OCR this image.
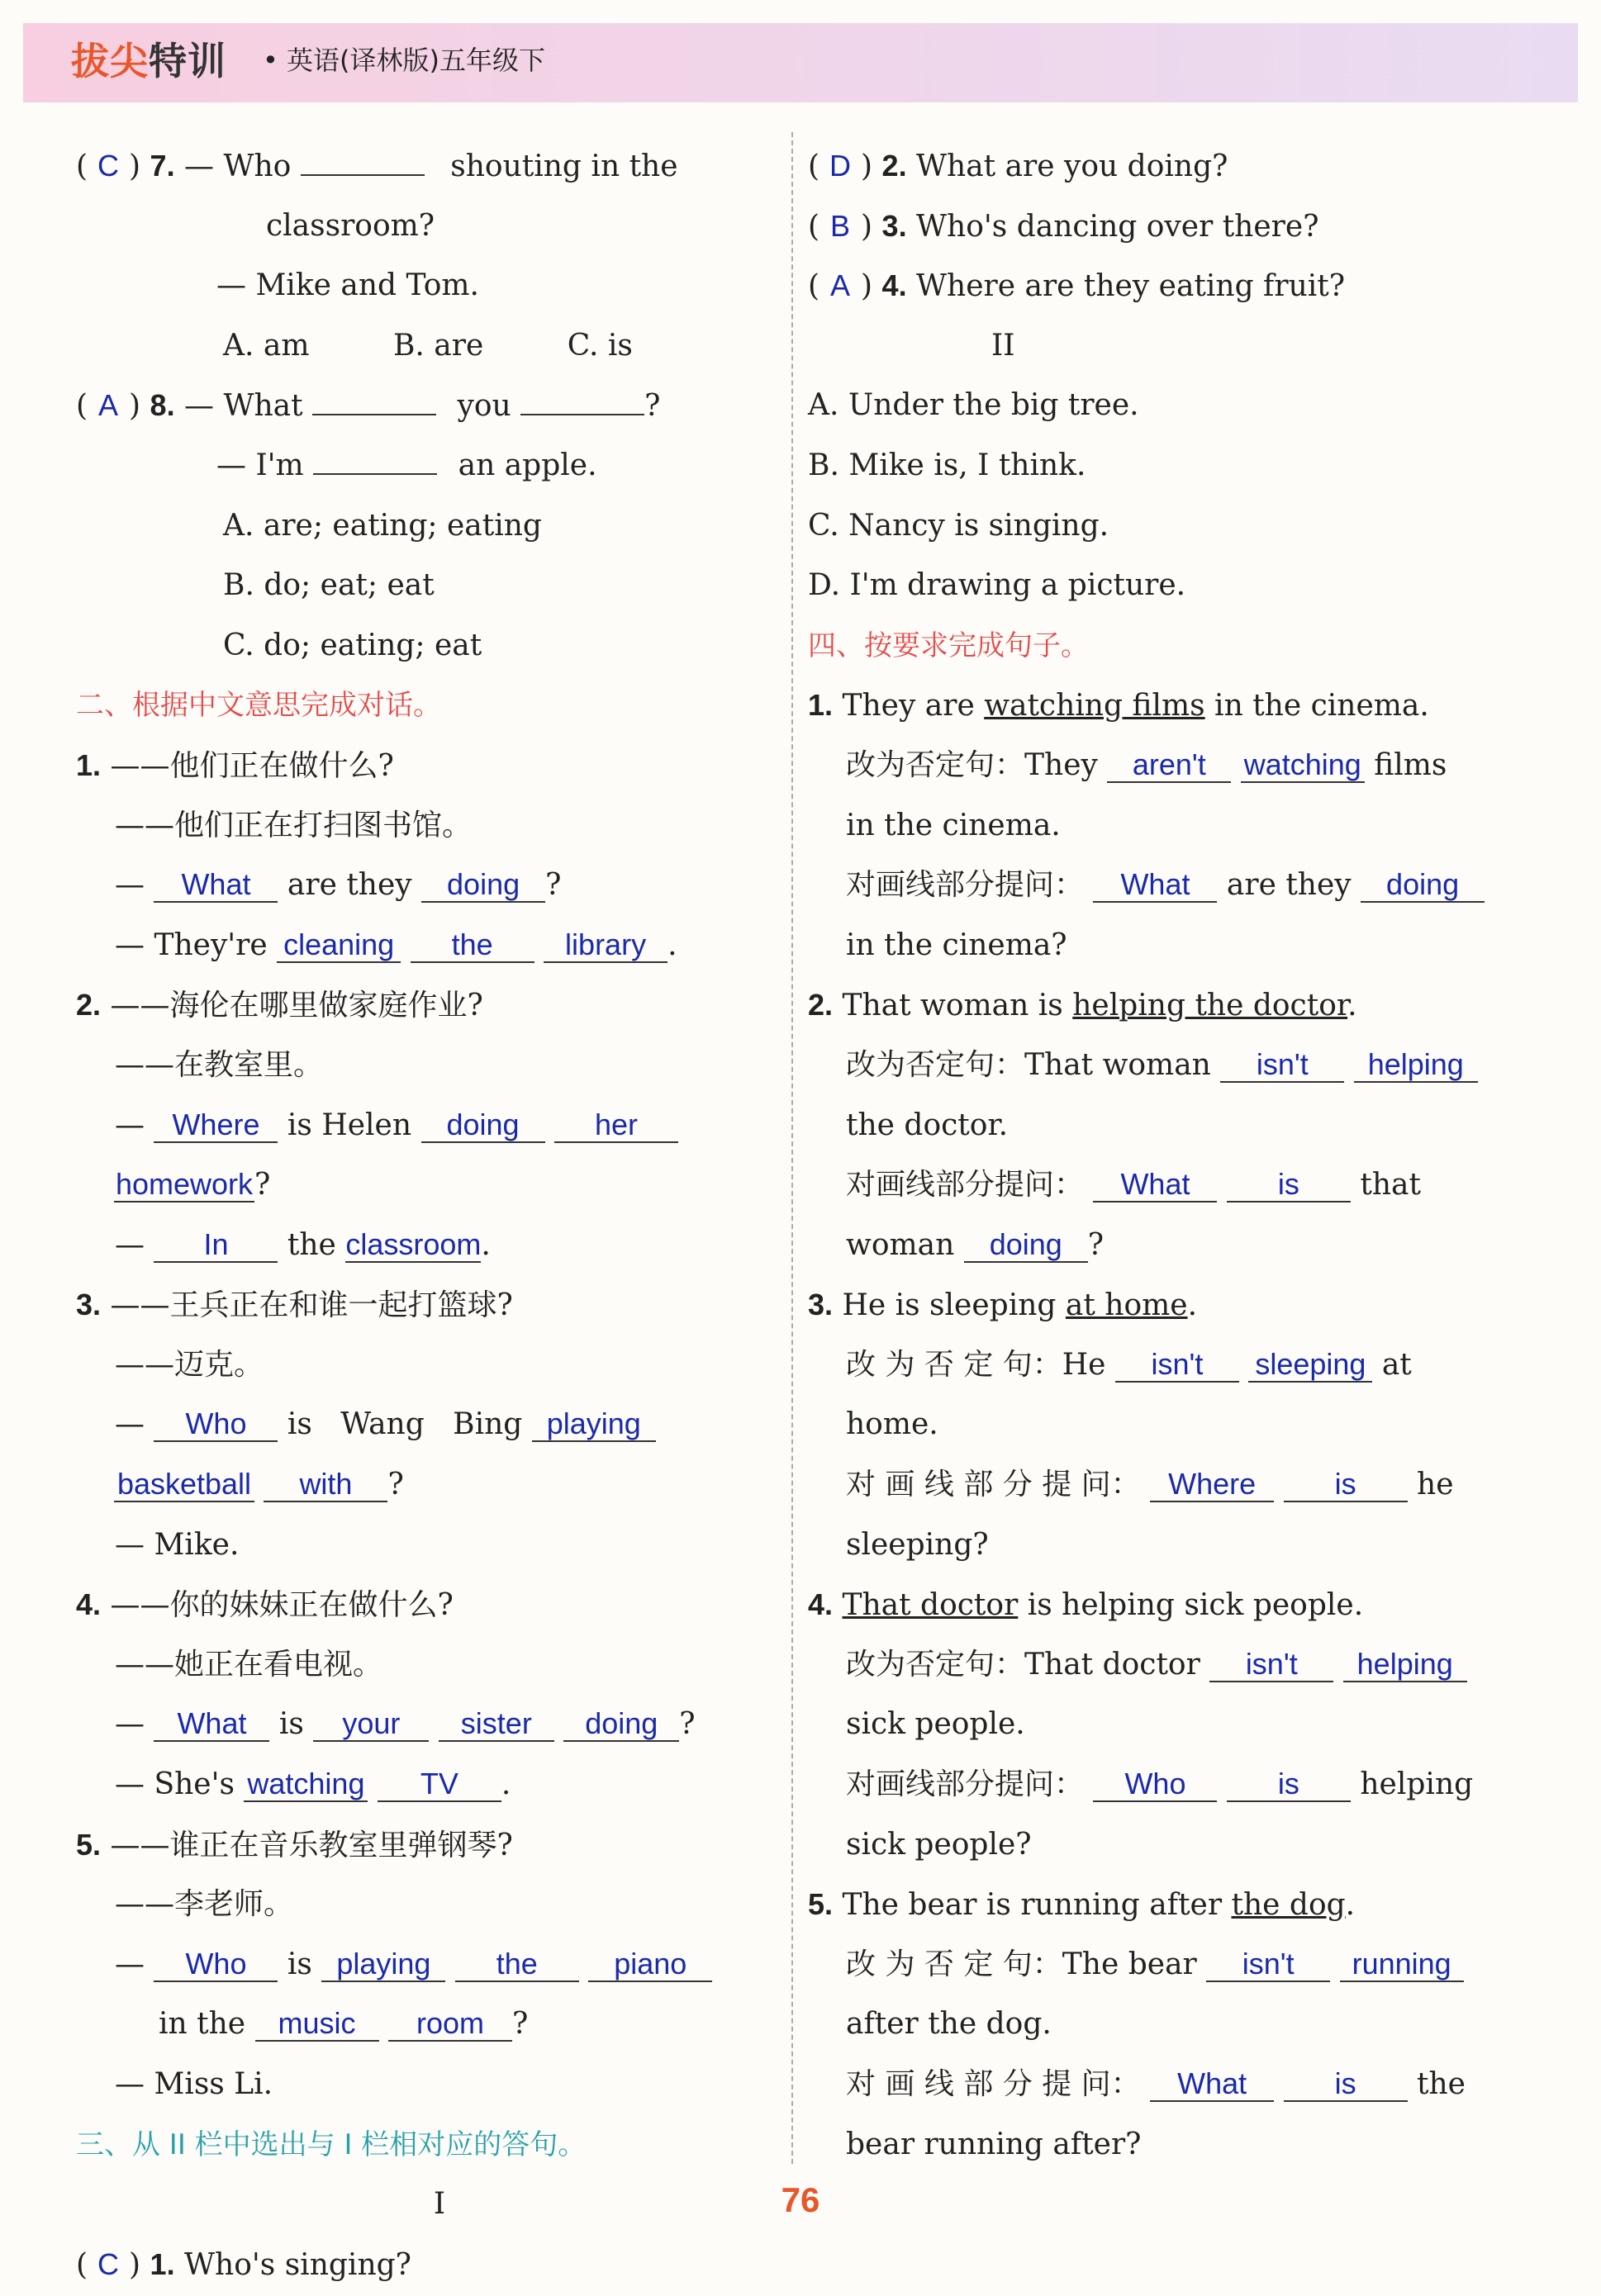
拔尖特训 • 英语(译林版)五年级下
( C ) 7. — Who	shouting in the
classroom?
— Mike and Tom.
A. am	B. are	C. is
( A ) 8. — What	you	?
— I'm	an apple.
A. are; eating; eating
B. do; eat; eat
C. do; eating; eat
二、根据中文意思完成对话。
1. ——他们正在做什么?
——他们正在打扫图书馆。
— What are they doing ?
— They're cleaning the library .
2. ——海伦在哪里做家庭作业?
——在教室里。
— Where is Helen doing	her
homework?
— In the classroom.
3. ——王兵正在和谁一起打篮球?
——迈克。
— Who is   Wang   Bing playing
basketball with ?
— Mike.
4. ——你的妹妹正在做什么?
——她正在看电视。
— What is your sister doing ?
— She's watching TV .
5. ——谁正在音乐教室里弹钢琴?
——李老师。
— Who is playing the	piano
in the music room ?
— Miss Li.
三、从 II 栏中选出与 I 栏相对应的答句。
I
( C ) 1. Who's singing?
( D ) 2. What are you doing?
( B ) 3. Who's dancing over there?
( A ) 4. Where are they eating fruit?
II
A. Under the big tree.
B. Mike is, I think.
C. Nancy is singing.
D. I'm drawing a picture.
四、按要求完成句子。
1. They are watching films in the cinema.
改为否定句：They aren't watching films
in the cinema.
对画线部分提问： What are they doing
in the cinema?
2. That woman is helping the doctor.
改为否定句：That woman isn't helping
the doctor.
对画线部分提问： What	is that
woman doing ?
3. He is sleeping at home.
改 为 否 定 句：He isn't sleeping at
home.
对 画 线 部 分 提 问： Where	is he
sleeping?
4. That doctor is helping sick people.
改为否定句：That doctor isn't helping
sick people.
对画线部分提问： Who	is helping
sick people?
5. The bear is running after the dog.
改 为 否 定 句：The bear isn't running
after the dog.
对 画 线 部 分 提 问： What	is the
bear running after?
76
